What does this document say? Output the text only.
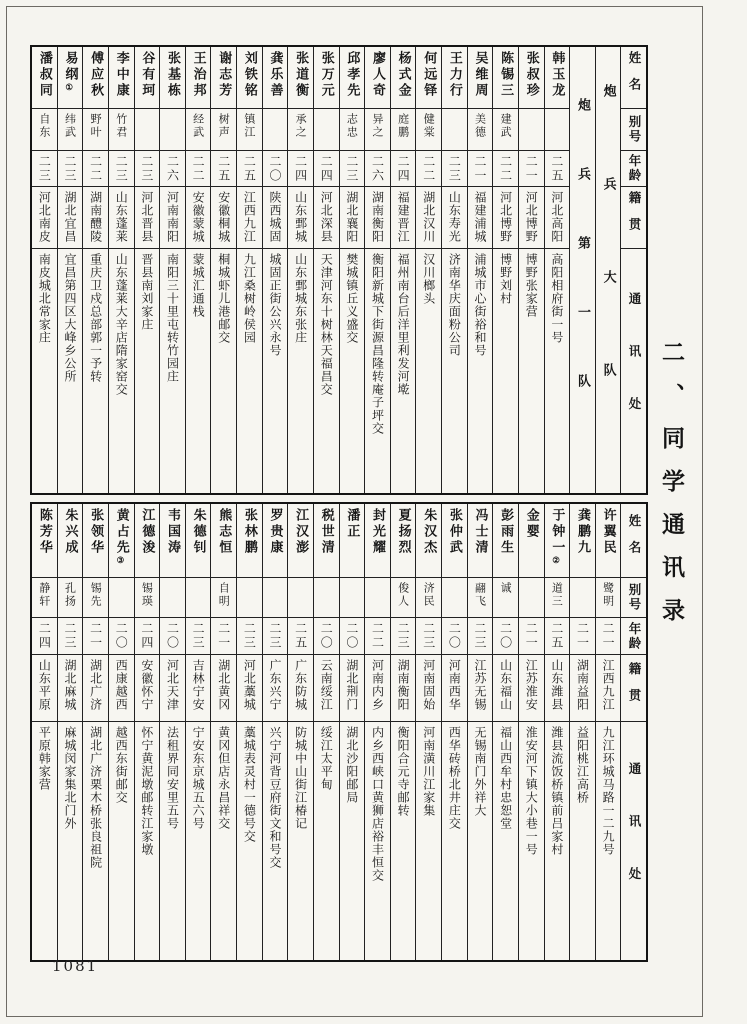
姓名
别号
年龄
籍贯
通讯处
炮兵大队
炮兵第一队
韩玉龙
二五
河北高阳
高阳相府街一号
张叔珍
二一
河北博野
博野张家营
陈锡三
建武
二二
河北博野
博野刘村
吴维周
美德
二一
福建浦城
浦城市心街裕和号
王力行
二三
山东寿光
济南华庆面粉公司
何远铎
健棠
二二
湖北汉川
汉川榔头
杨式金
庭鹏
二四
福建晋江
福州南台后洋里利发河墘
廖人奇
异之
二六
湖南衡阳
衡阳新城下街源昌隆转庵子坪交
邱孝先
志忠
二三
湖北襄阳
樊城镇丘义盛交
张万元
二四
河北深县
天津河东十树林天福昌交
张道衡
承之
二四
山东鄄城
山东鄄城东张庄
龚乐善
二〇
陕西城固
城固正街公兴永号
刘铁铭
镇江
二五
江西九江
九江桑树岭侯园
谢志芳
树声
二五
安徽桐城
桐城虾儿港邮交
王治邦
经武
二二
安徽蒙城
蒙城汇通栈
张基栋
二六
河南南阳
南阳三十里屯转竹园庄
谷有珂
二三
河北晋县
晋县南刘家庄
李中康
竹君
二三
山东蓬莱
山东蓬莱大辛店隋家窑交
傅应秋
野叶
二二
湖南醴陵
重庆卫戍总部郭一予转
易纲
①
纬武
二三
湖北宜昌
宜昌第四区大峰乡公所
潘叔同
自东
二三
河北南皮
南皮城北常家庄
姓名
别号
年龄
籍贯
通讯处
许翼民
鹭明
二一
江西九江
九江环城马路一二九号
龚鹏九
二一
湖南益阳
益阳桃江高桥
于钟一
②
道三
二五
山东潍县
潍县流饭桥镇前吕家村
金婴
二一
江苏淮安
淮安河下镇大小巷一号
彭雨生
诚
二〇
山东福山
福山西牟村忠恕堂
冯士清
翮飞
二三
江苏无锡
无锡南门外祥大
张仲武
二〇
河南西华
西华砖桥北井庄交
朱汉杰
济民
二三
河南固始
河南潢川江家集
夏扬烈
俊人
二三
湖南衡阳
衡阳合元寺邮转
封光耀
二二
河南内乡
内乡西峡口黄狮店裕丰恒交
潘正
二〇
湖北荆门
湖北沙阳邮局
税世清
二〇
云南绥江
绥江太平甸
江汉澎
二五
广东防城
防城中山街江椿记
罗贵康
二三
广东兴宁
兴宁河背豆府街文和号交
张林鹏
二三
河北藁城
藁城表灵村一德号交
熊志恒
自明
二一
湖北黄冈
黄冈但店永昌祥交
朱德钊
二三
吉林宁安
宁安东京城五六号
韦国涛
二〇
河北天津
法租界同安里五号
江德浚
锡瑛
二四
安徽怀宁
怀宁黄泥墩邮转江家墩
黄占先
③
二〇
西康越西
越西东街邮交
张领华
锡先
二一
湖北广济
湖北广济栗木桥张良祖院
朱兴成
孔扬
二三
湖北麻城
麻城闵家集北门外
陈芳华
静轩
二四
山东平原
平原韩家营
二、同学通讯录
1081
